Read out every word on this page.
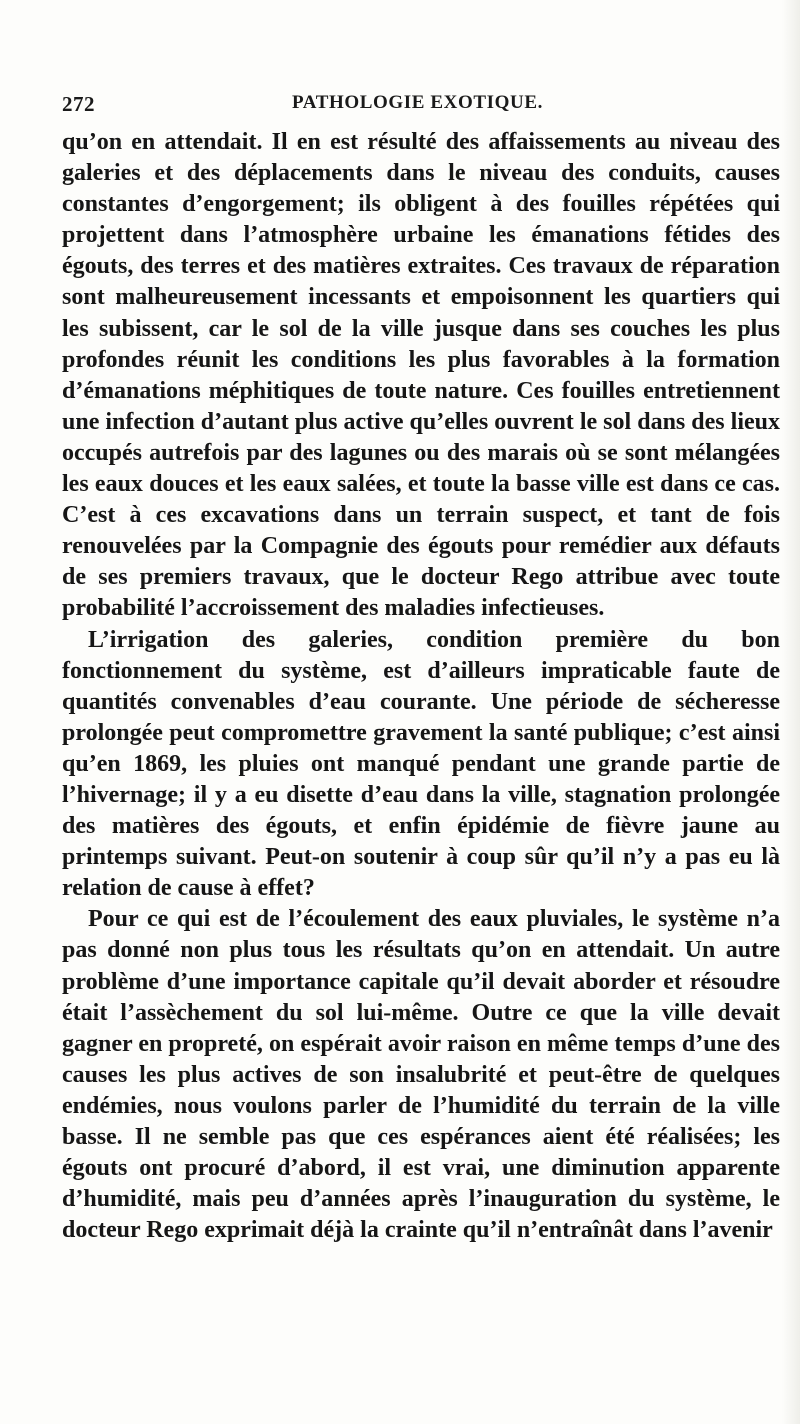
272	PATHOLOGIE EXOTIQUE.

qu’on en attendait. Il en est résulté des affaissements au niveau des galeries et des déplacements dans le niveau des conduits, causes constantes d’engorgement; ils obligent à des fouilles répétées qui projettent dans l’atmosphère urbaine les émanations fétides des égouts, des terres et des matières extraites. Ces travaux de réparation sont malheureusement incessants et empoisonnent les quartiers qui les subissent, car le sol de la ville jusque dans ses couches les plus profondes réunit les conditions les plus favorables à la formation d’émanations méphitiques de toute nature. Ces fouilles entretiennent une infection d’autant plus active qu’elles ouvrent le sol dans des lieux occupés autrefois par des lagunes ou des marais où se sont mélangées les eaux douces et les eaux salées, et toute la basse ville est dans ce cas. C’est à ces excavations dans un terrain suspect, et tant de fois renouvelées par la Compagnie des égouts pour remédier aux défauts de ses premiers travaux, que le docteur Rego attribue avec toute probabilité l’accroissement des maladies infectieuses.

L’irrigation des galeries, condition première du bon fonctionnement du système, est d’ailleurs impraticable faute de quantités convenables d’eau courante. Une période de sécheresse prolongée peut compromettre gravement la santé publique; c’est ainsi qu’en 1869, les pluies ont manqué pendant une grande partie de l’hivernage; il y a eu disette d’eau dans la ville, stagnation prolongée des matières des égouts, et enfin épidémie de fièvre jaune au printemps suivant. Peut-on soutenir à coup sûr qu’il n’y a pas eu là relation de cause à effet?

Pour ce qui est de l’écoulement des eaux pluviales, le système n’a pas donné non plus tous les résultats qu’on en attendait. Un autre problème d’une importance capitale qu’il devait aborder et résoudre était l’assèchement du sol lui-même. Outre ce que la ville devait gagner en propreté, on espérait avoir raison en même temps d’une des causes les plus actives de son insalubrité et peut-être de quelques endémies, nous voulons parler de l’humidité du terrain de la ville basse. Il ne semble pas que ces espérances aient été réalisées; les égouts ont procuré d’abord, il est vrai, une diminution apparente d’humidité, mais peu d’années après l’inauguration du système, le docteur Rego exprimait déjà la crainte qu’il n’entraînât dans l’avenir
